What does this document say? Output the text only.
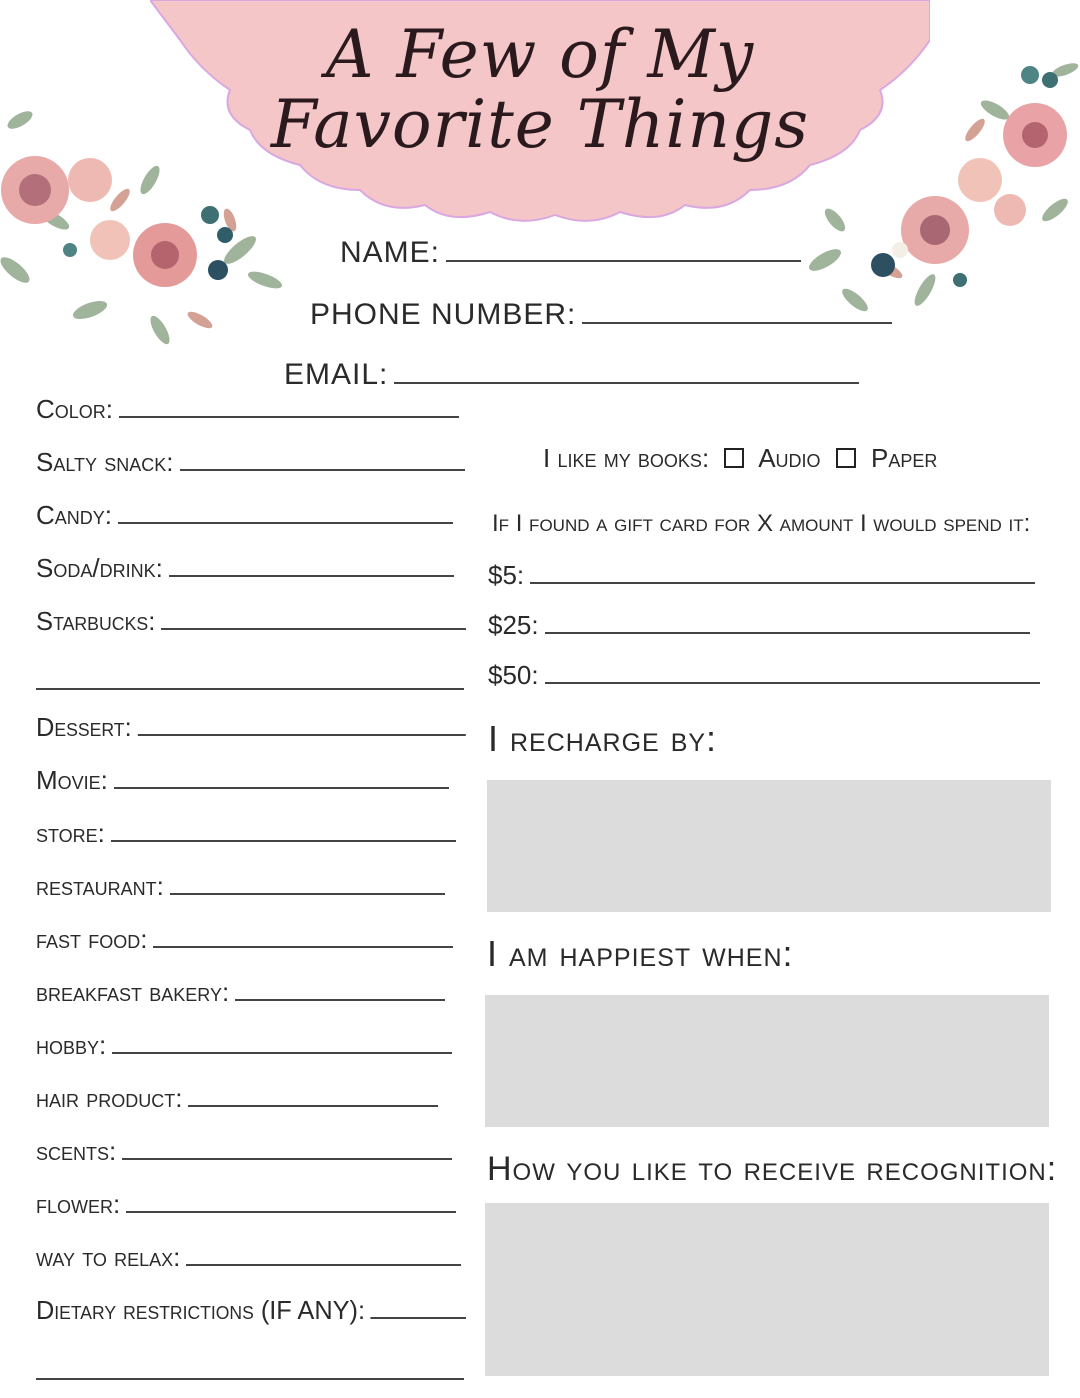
A Few of My
Favorite Things
NAME:
PHONE NUMBER:
EMAIL:
Color:
Salty snack:
Candy:
Soda/drink:
Starbucks:
Dessert:
Movie:
store:
restaurant:
fast food:
breakfast bakery:
hobby:
hair product:
scents:
flower:
way to relax:
Dietary restrictions (IF ANY):
I like my books: Audio Paper
If I found a gift card for X amount I would spend it:
$5:
$25:
$50:
I recharge by:
I am happiest when:
How you like to receive recognition:
